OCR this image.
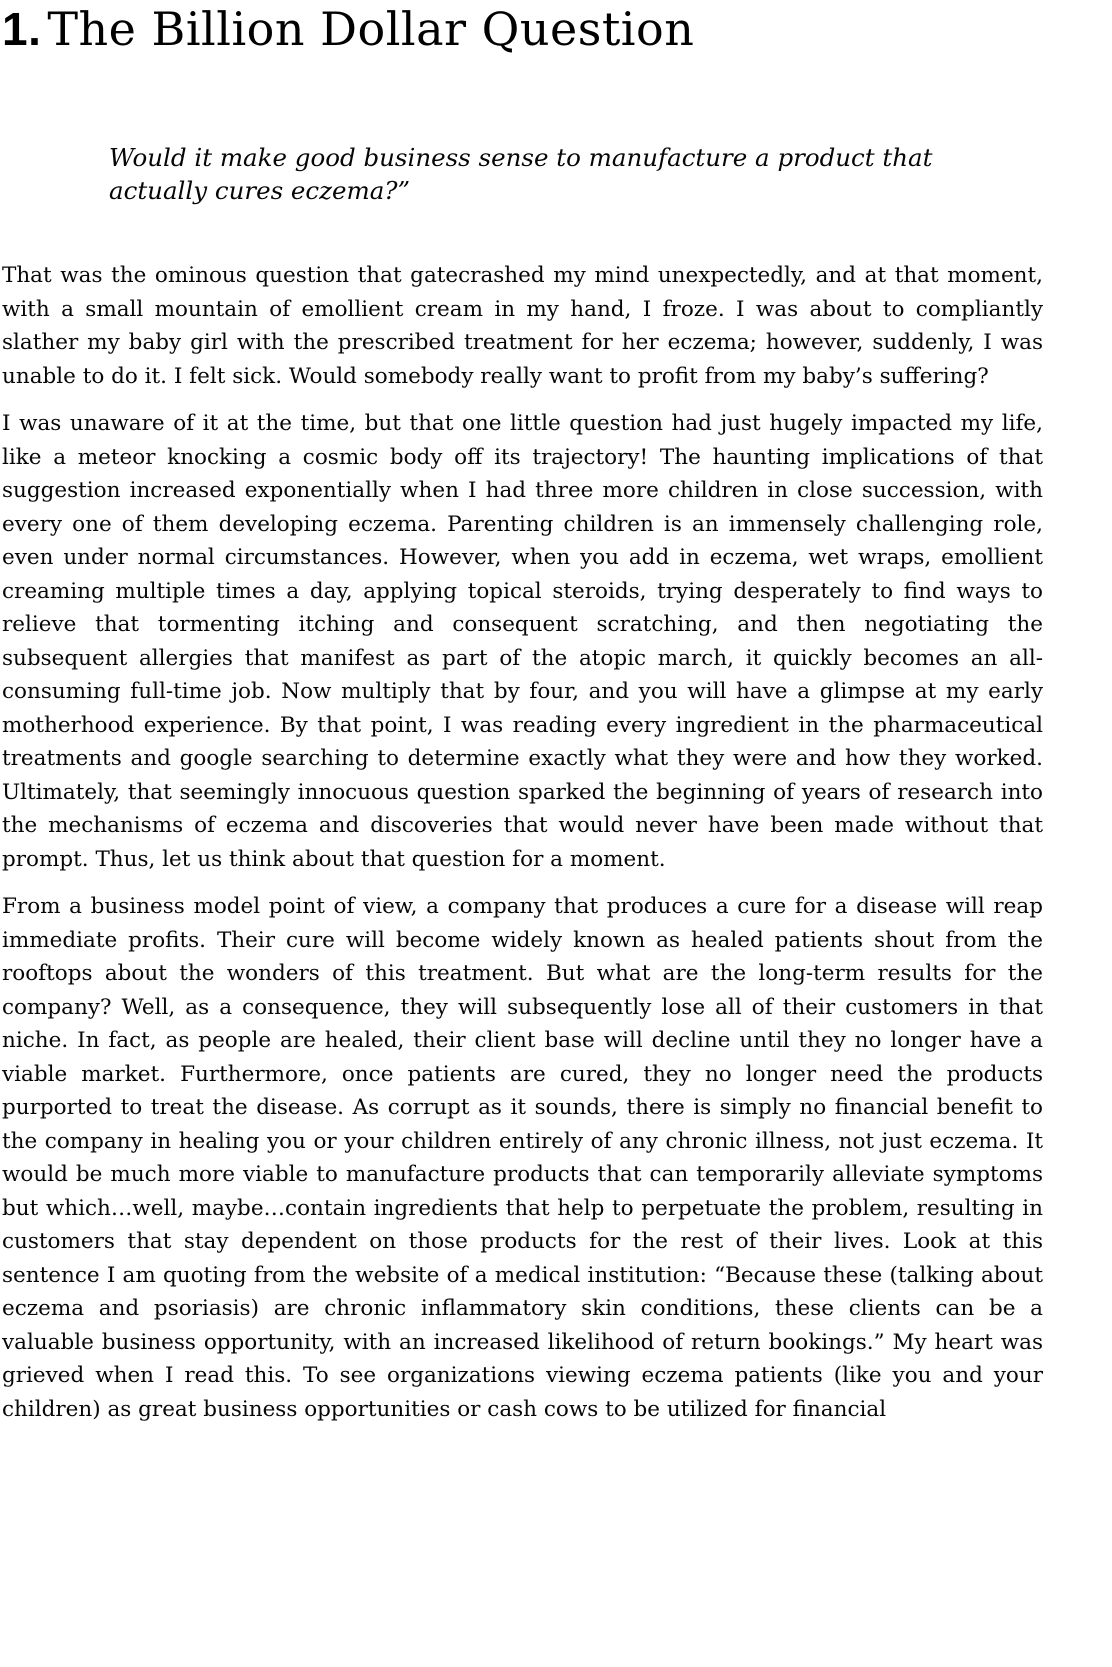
1. The Billion Dollar Question
Would it make good business sense to manufacture a product that actually cures eczema?”

That was the ominous question that gatecrashed my mind unexpectedly, and at that moment, with a small mountain of emollient cream in my hand, I froze. I was about to compliantly slather my baby girl with the prescribed treatment for her eczema; however, suddenly, I was unable to do it. I felt sick. Would somebody really want to profit from my baby’s suffering?

I was unaware of it at the time, but that one little question had just hugely impacted my life, like a meteor knocking a cosmic body off its trajectory! The haunting implications of that suggestion increased exponentially when I had three more children in close succession, with every one of them developing eczema. Parenting children is an immensely challenging role, even under normal circumstances. However, when you add in eczema, wet wraps, emollient creaming multiple times a day, applying topical steroids, trying desperately to find ways to relieve that tormenting itching and consequent scratching, and then negotiating the subsequent allergies that manifest as part of the atopic march, it quickly becomes an all-consuming full-time job. Now multiply that by four, and you will have a glimpse at my early motherhood experience. By that point, I was reading every ingredient in the pharmaceutical treatments and google searching to determine exactly what they were and how they worked. Ultimately, that seemingly innocuous question sparked the beginning of years of research into the mechanisms of eczema and discoveries that would never have been made without that prompt. Thus, let us think about that question for a moment.

From a business model point of view, a company that produces a cure for a disease will reap immediate profits. Their cure will become widely known as healed patients shout from the rooftops about the wonders of this treatment. But what are the long-term results for the company? Well, as a consequence, they will subsequently lose all of their customers in that niche. In fact, as people are healed, their client base will decline until they no longer have a viable market. Furthermore, once patients are cured, they no longer need the products purported to treat the disease. As corrupt as it sounds, there is simply no financial benefit to the company in healing you or your children entirely of any chronic illness, not just eczema. It would be much more viable to manufacture products that can temporarily alleviate symptoms but which…well, maybe…contain ingredients that help to perpetuate the problem, resulting in customers that stay dependent on those products for the rest of their lives. Look at this sentence I am quoting from the website of a medical institution: “Because these (talking about eczema and psoriasis) are chronic inflammatory skin conditions, these clients can be a valuable business opportunity, with an increased likelihood of return bookings.” My heart was grieved when I read this. To see organizations viewing eczema patients (like you and your children) as great business opportunities or cash cows to be utilized for financial
